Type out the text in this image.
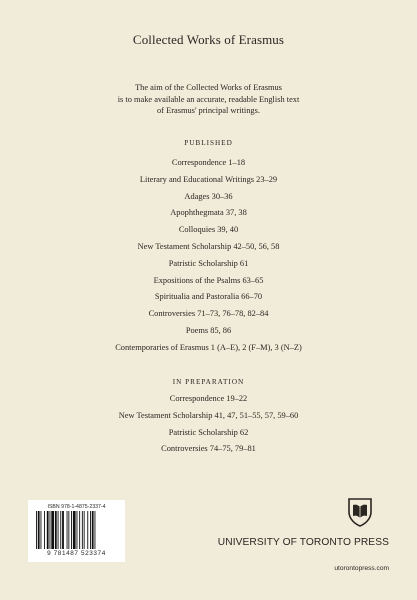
Collected Works of Erasmus
The aim of the Collected Works of Erasmus
is to make available an accurate, readable English text
of Erasmus' principal writings.
PUBLISHED
Correspondence 1–18
Literary and Educational Writings 23–29
Adages 30–36
Apophthegmata 37, 38
Colloquies 39, 40
New Testament Scholarship 42–50, 56, 58
Patristic Scholarship 61
Expositions of the Psalms 63–65
Spiritualia and Pastoralia 66–70
Controversies 71–73, 76–78, 82–84
Poems 85, 86
Contemporaries of Erasmus 1 (A–E), 2 (F–M), 3 (N–Z)
IN PREPARATION
Correspondence 19–22
New Testament Scholarship 41, 47, 51–55, 57, 59–60
Patristic Scholarship 62
Controversies 74–75, 79–81
ISBN 978-1-4875-2337-4
9 781487 523374
UNIVERSITY OF TORONTO PRESS
utorontopress.com
